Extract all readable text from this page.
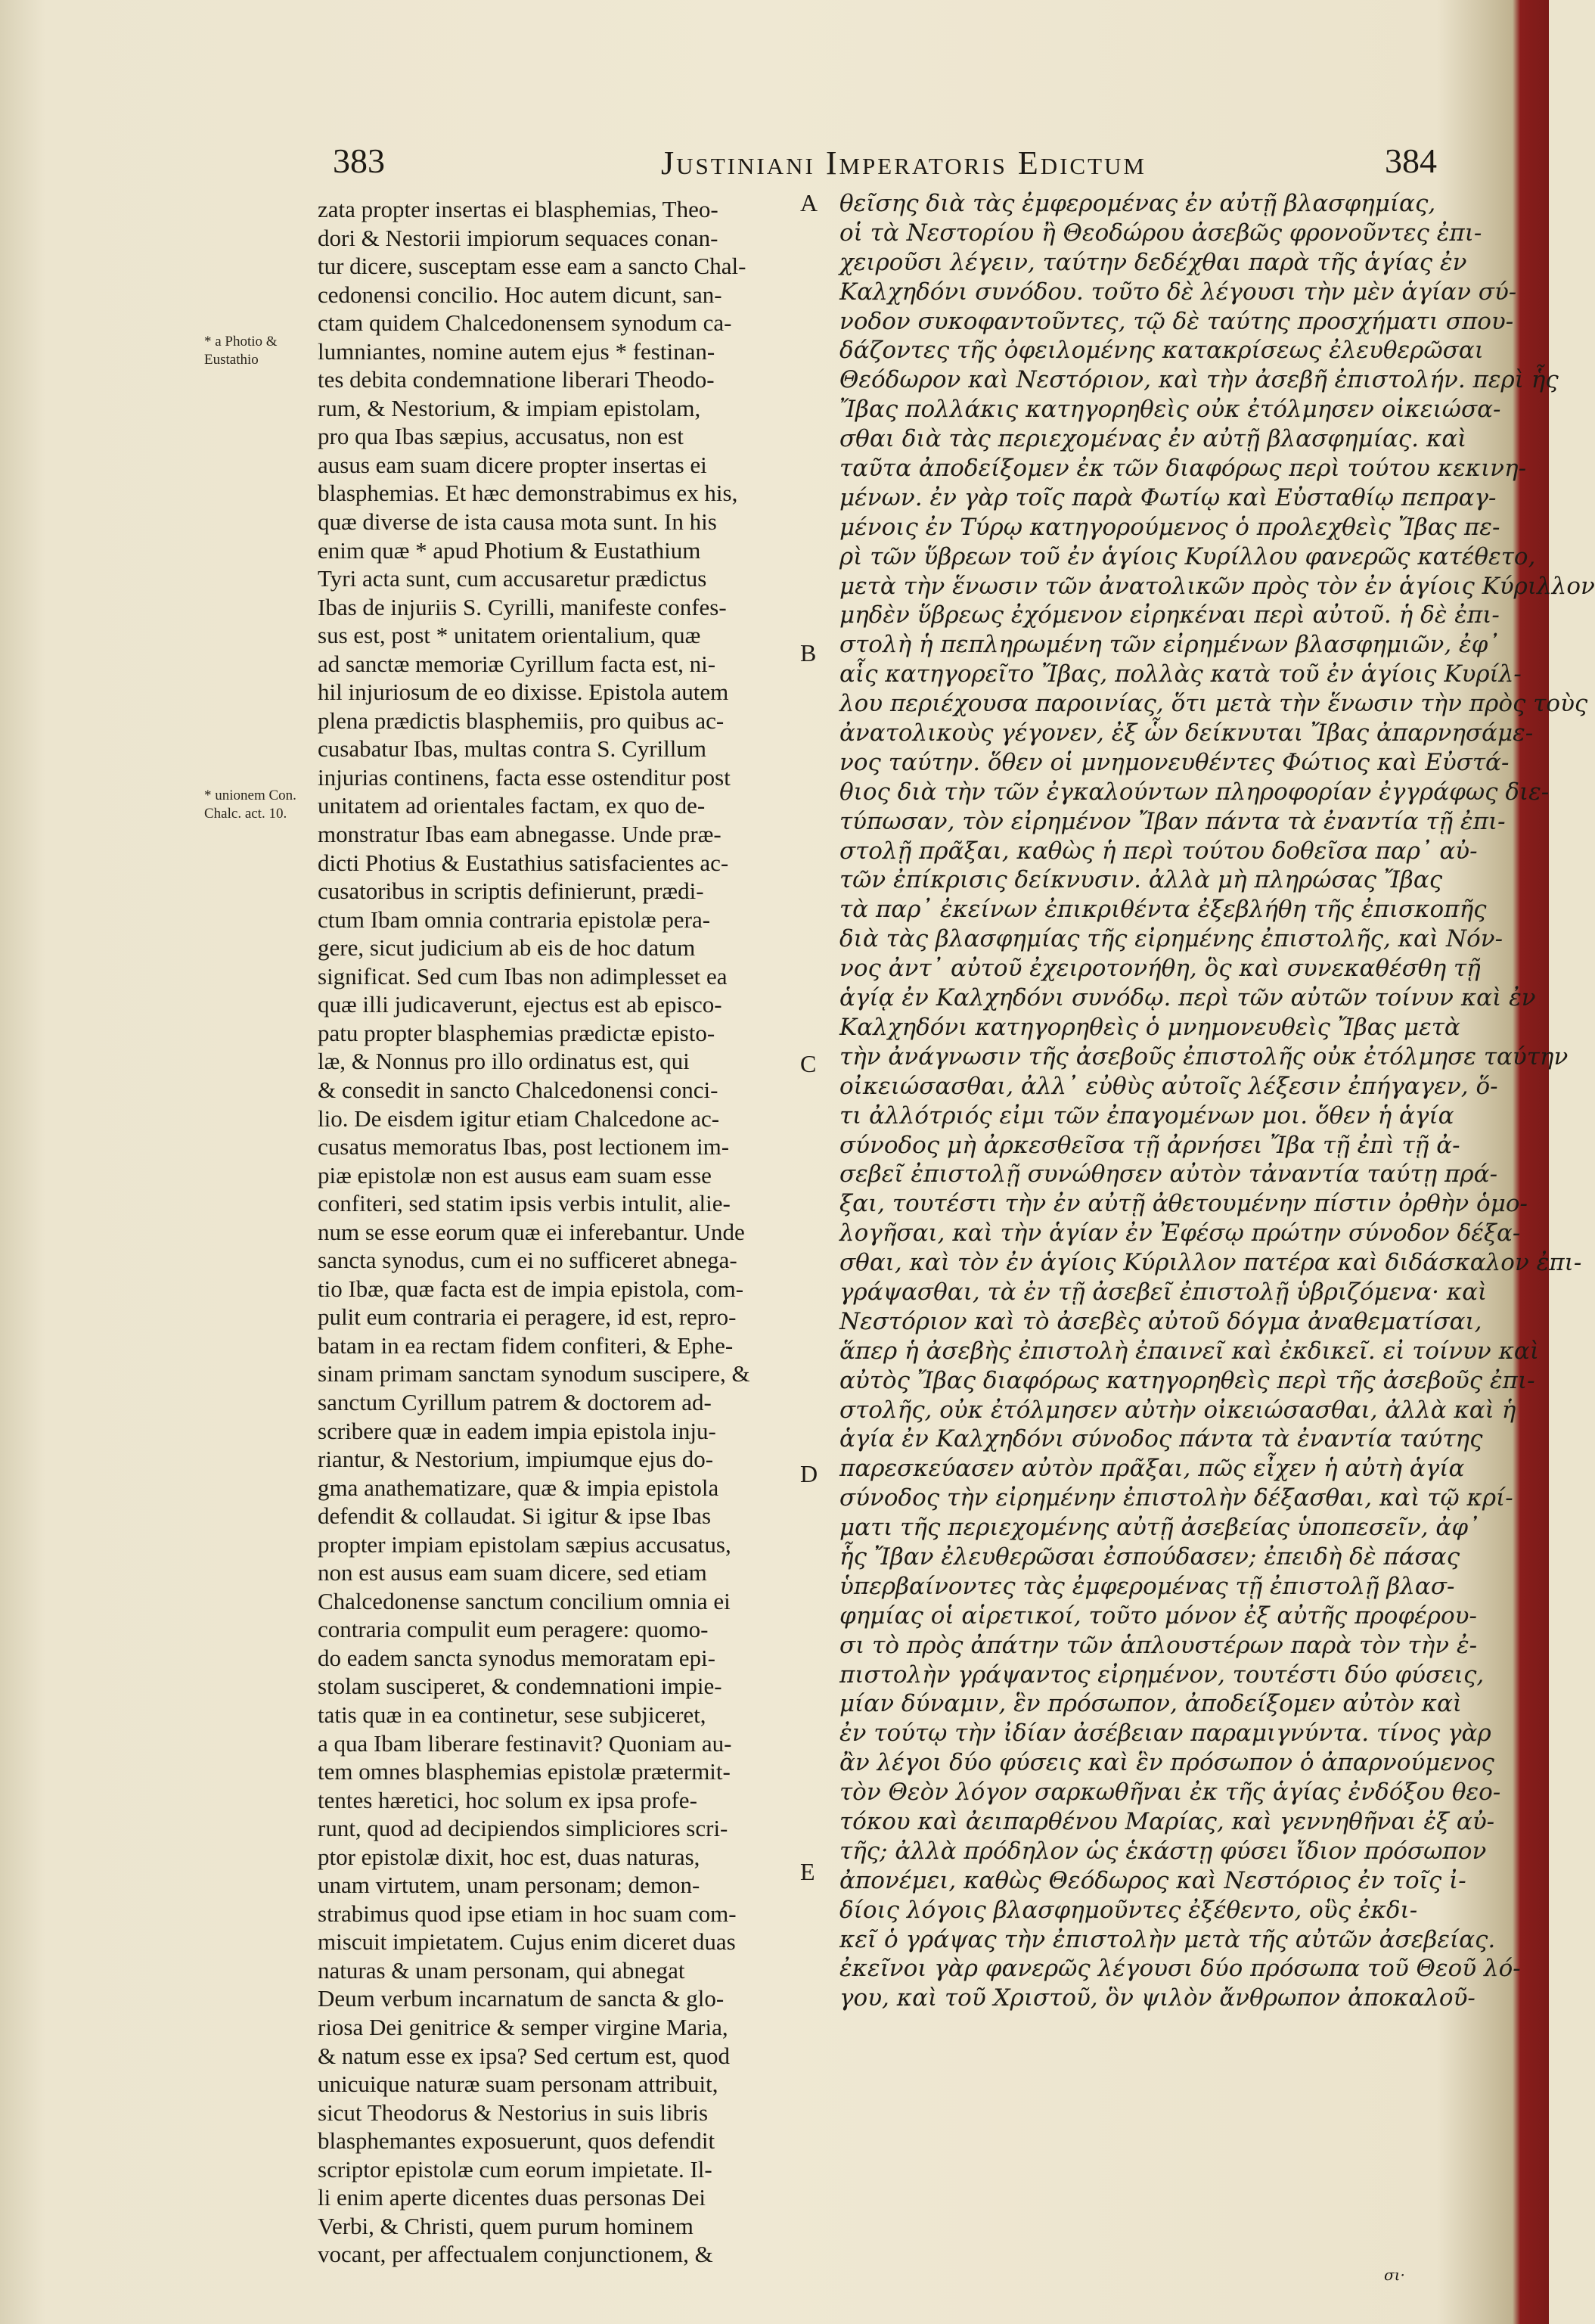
383	Justiniani Imperatoris Edictum	384
* a Photio & Eustathio
* unionem Con. Chalc. act. 10.
zata propter insertas ei blasphemias, Theo-
dori & Nestorii impiorum sequaces conan-
tur dicere, susceptam esse eam a sancto Chal-
cedonensi concilio. Hoc autem dicunt, san-
ctam quidem Chalcedonensem synodum ca-
lumniantes, nomine autem ejus * festinan-
tes debita condemnatione liberari Theodo-
rum, & Nestorium, & impiam epistolam,
pro qua Ibas sæpius, accusatus, non est
ausus eam suam dicere propter insertas ei
blasphemias. Et hæc demonstrabimus ex his,
quæ diverse de ista causa mota sunt. In his
enim quæ * apud Photium & Eustathium
Tyri acta sunt, cum accusaretur prædictus
Ibas de injuriis S. Cyrilli, manifeste confes-
sus est, post * unitatem orientalium, quæ
ad sanctæ memoriæ Cyrillum facta est, ni-
hil injuriosum de eo dixisse. Epistola autem
plena prædictis blasphemiis, pro quibus ac-
cusabatur Ibas, multas contra S. Cyrillum
injurias continens, facta esse ostenditur post
unitatem ad orientales factam, ex quo de-
monstratur Ibas eam abnegasse. Unde præ-
dicti Photius & Eustathius satisfacientes ac-
cusatoribus in scriptis definierunt, prædi-
ctum Ibam omnia contraria epistolæ pera-
gere, sicut judicium ab eis de hoc datum
significat. Sed cum Ibas non adimplesset ea
quæ illi judicaverunt, ejectus est ab episco-
patu propter blasphemias prædictæ episto-
læ, & Nonnus pro illo ordinatus est, qui
& consedit in sancto Chalcedonensi conci-
lio. De eisdem igitur etiam Chalcedone ac-
cusatus memoratus Ibas, post lectionem im-
piæ epistolæ non est ausus eam suam esse
confiteri, sed statim ipsis verbis intulit, alie-
num se esse eorum quæ ei inferebantur. Unde
sancta synodus, cum ei no sufficeret abnega-
tio Ibæ, quæ facta est de impia epistola, com-
pulit eum contraria ei peragere, id est, repro-
batam in ea rectam fidem confiteri, & Ephe-
sinam primam sanctam synodum suscipere, &
sanctum Cyrillum patrem & doctorem ad-
scribere quæ in eadem impia epistola inju-
riantur, & Nestorium, impiumque ejus do-
gma anathematizare, quæ & impia epistola
defendit & collaudat. Si igitur & ipse Ibas
propter impiam epistolam sæpius accusatus,
non est ausus eam suam dicere, sed etiam
Chalcedonense sanctum concilium omnia ei
contraria compulit eum peragere: quomo-
do eadem sancta synodus memoratam epi-
stolam susciperet, & condemnationi impie-
tatis quæ in ea continetur, sese subjiceret,
a qua Ibam liberare festinavit? Quoniam au-
tem omnes blasphemias epistolæ prætermit-
tentes hæretici, hoc solum ex ipsa profe-
runt, quod ad decipiendos simpliciores scri-
ptor epistolæ dixit, hoc est, duas naturas,
unam virtutem, unam personam; demon-
strabimus quod ipse etiam in hoc suam com-
miscuit impietatem. Cujus enim diceret duas
naturas & unam personam, qui abnegat
Deum verbum incarnatum de sancta & glo-
riosa Dei genitrice & semper virgine Maria,
& natum esse ex ipsa? Sed certum est, quod
unicuique naturæ suam personam attribuit,
sicut Theodorus & Nestorius in suis libris
blasphemantes exposuerunt, quos defendit
scriptor epistolæ cum eorum impietate. Il-
li enim aperte dicentes duas personas Dei
Verbi, & Christi, quem purum hominem
vocant, per affectualem conjunctionem, &
A
B
C
D
E
θεῖσης διὰ τὰς ἐμφερομένας ἐν αὐτῇ βλασφημίας,
οἱ τὰ Νεστορίου ἢ Θεοδώρου ἀσεβῶς φρονοῦντες ἐπι-
χειροῦσι λέγειν, ταύτην δεδέχθαι παρὰ τῆς ἁγίας ἐν
Καλχηδόνι συνόδου. τοῦτο δὲ λέγουσι τὴν μὲν ἁγίαν σύ-
νοδον συκοφαντοῦντες, τῷ δὲ ταύτης προσχήματι σπου-
δάζοντες τῆς ὀφειλομένης κατακρίσεως ἐλευθερῶσαι
Θεόδωρον καὶ Νεστόριον, καὶ τὴν ἀσεβῆ ἐπιστολήν. περὶ ἧς
Ἴβας πολλάκις κατηγορηθεὶς οὐκ ἐτόλμησεν οἰκειώσα-
σθαι διὰ τὰς περιεχομένας ἐν αὐτῇ βλασφημίας. καὶ
ταῦτα ἀποδείξομεν ἐκ τῶν διαφόρως περὶ τούτου κεκινη-
μένων. ἐν γὰρ τοῖς παρὰ Φωτίῳ καὶ Εὐσταθίῳ πεπραγ-
μένοις ἐν Τύρῳ κατηγορούμενος ὁ προλεχθεὶς Ἴβας πε-
ρὶ τῶν ὕβρεων τοῦ ἐν ἁγίοις Κυρίλλου φανερῶς κατέθετο,
μετὰ τὴν ἕνωσιν τῶν ἀνατολικῶν πρὸς τὸν ἐν ἁγίοις Κύριλλον
μηδὲν ὕβρεως ἐχόμενον εἰρηκέναι περὶ αὐτοῦ. ἡ δὲ ἐπι-
στολὴ ἡ πεπληρωμένη τῶν εἰρημένων βλασφημιῶν, ἐφ᾽
αἷς κατηγορεῖτο Ἴβας, πολλὰς κατὰ τοῦ ἐν ἁγίοις Κυρίλ-
λου περιέχουσα παροινίας, ὅτι μετὰ τὴν ἕνωσιν τὴν πρὸς τοὺς
ἀνατολικοὺς γέγονεν, ἐξ ὧν δείκνυται Ἴβας ἀπαρνησάμε-
νος ταύτην. ὅθεν οἱ μνημονευθέντες Φώτιος καὶ Εὐστά-
θιος διὰ τὴν τῶν ἐγκαλούντων πληροφορίαν ἐγγράφως διε-
τύπωσαν, τὸν εἰρημένον Ἴβαν πάντα τὰ ἐναντία τῇ ἐπι-
στολῇ πρᾶξαι, καθὼς ἡ περὶ τούτου δοθεῖσα παρ᾽ αὐ-
τῶν ἐπίκρισις δείκνυσιν. ἀλλὰ μὴ πληρώσας Ἴβας
τὰ παρ᾽ ἐκείνων ἐπικριθέντα ἐξεβλήθη τῆς ἐπισκοπῆς
διὰ τὰς βλασφημίας τῆς εἰρημένης ἐπιστολῆς, καὶ Νόν-
νος ἀντ᾽ αὐτοῦ ἐχειροτονήθη, ὃς καὶ συνεκαθέσθη τῇ
ἁγίᾳ ἐν Καλχηδόνι συνόδῳ. περὶ τῶν αὐτῶν τοίνυν καὶ ἐν
Καλχηδόνι κατηγορηθεὶς ὁ μνημονευθεὶς Ἴβας μετὰ
τὴν ἀνάγνωσιν τῆς ἀσεβοῦς ἐπιστολῆς οὐκ ἐτόλμησε ταύτην
οἰκειώσασθαι, ἀλλ᾽ εὐθὺς αὐτοῖς λέξεσιν ἐπήγαγεν, ὅ-
τι ἀλλότριός εἰμι τῶν ἐπαγομένων μοι. ὅθεν ἡ ἁγία
σύνοδος μὴ ἀρκεσθεῖσα τῇ ἀρνήσει Ἴβα τῇ ἐπὶ τῇ ἀ-
σεβεῖ ἐπιστολῇ συνώθησεν αὐτὸν τἀναντία ταύτῃ πρά-
ξαι, τουτέστι τὴν ἐν αὐτῇ ἀθετουμένην πίστιν ὀρθὴν ὁμο-
λογῆσαι, καὶ τὴν ἁγίαν ἐν Ἐφέσῳ πρώτην σύνοδον δέξα-
σθαι, καὶ τὸν ἐν ἁγίοις Κύριλλον πατέρα καὶ διδάσκαλον ἐπι-
γράψασθαι, τὰ ἐν τῇ ἀσεβεῖ ἐπιστολῇ ὑβριζόμενα· καὶ
Νεστόριον καὶ τὸ ἀσεβὲς αὐτοῦ δόγμα ἀναθεματίσαι,
ἅπερ ἡ ἀσεβὴς ἐπιστολὴ ἐπαινεῖ καὶ ἐκδικεῖ. εἰ τοίνυν καὶ
αὐτὸς Ἴβας διαφόρως κατηγορηθεὶς περὶ τῆς ἀσεβοῦς ἐπι-
στολῆς, οὐκ ἐτόλμησεν αὐτὴν οἰκειώσασθαι, ἀλλὰ καὶ ἡ
ἁγία ἐν Καλχηδόνι σύνοδος πάντα τὰ ἐναντία ταύτης
παρεσκεύασεν αὐτὸν πρᾶξαι, πῶς εἶχεν ἡ αὐτὴ ἁγία
σύνοδος τὴν εἰρημένην ἐπιστολὴν δέξασθαι, καὶ τῷ κρί-
ματι τῆς περιεχομένης αὐτῇ ἀσεβείας ὑποπεσεῖν, ἀφ᾽
ἧς Ἴβαν ἐλευθερῶσαι ἐσπούδασεν; ἐπειδὴ δὲ πάσας
ὑπερβαίνοντες τὰς ἐμφερομένας τῇ ἐπιστολῇ βλασ-
φημίας οἱ αἱρετικοί, τοῦτο μόνον ἐξ αὐτῆς προφέρου-
σι τὸ πρὸς ἀπάτην τῶν ἁπλουστέρων παρὰ τὸν τὴν ἐ-
πιστολὴν γράψαντος εἰρημένον, τουτέστι δύο φύσεις,
μίαν δύναμιν, ἓν πρόσωπον, ἀποδείξομεν αὐτὸν καὶ
ἐν τούτῳ τὴν ἰδίαν ἀσέβειαν παραμιγνύντα. τίνος γὰρ
ἂν λέγοι δύο φύσεις καὶ ἓν πρόσωπον ὁ ἀπαρνούμενος
τὸν Θεὸν λόγον σαρκωθῆναι ἐκ τῆς ἁγίας ἐνδόξου θεο-
τόκου καὶ ἀειπαρθένου Μαρίας, καὶ γεννηθῆναι ἐξ αὐ-
τῆς; ἀλλὰ πρόδηλον ὡς ἑκάστῃ φύσει ἴδιον πρόσωπον
ἀπονέμει, καθὼς Θεόδωρος καὶ Νεστόριος ἐν τοῖς ἰ-
δίοις λόγοις βλασφημοῦντες ἐξέθεντο, οὓς ἐκδι-
κεῖ ὁ γράψας τὴν ἐπιστολὴν μετὰ τῆς αὐτῶν ἀσεβείας.
ἐκεῖνοι γὰρ φανερῶς λέγουσι δύο πρόσωπα τοῦ Θεοῦ λό-
γου, καὶ τοῦ Χριστοῦ, ὃν ψιλὸν ἄνθρωπον ἀποκαλοῦ-
σι·
